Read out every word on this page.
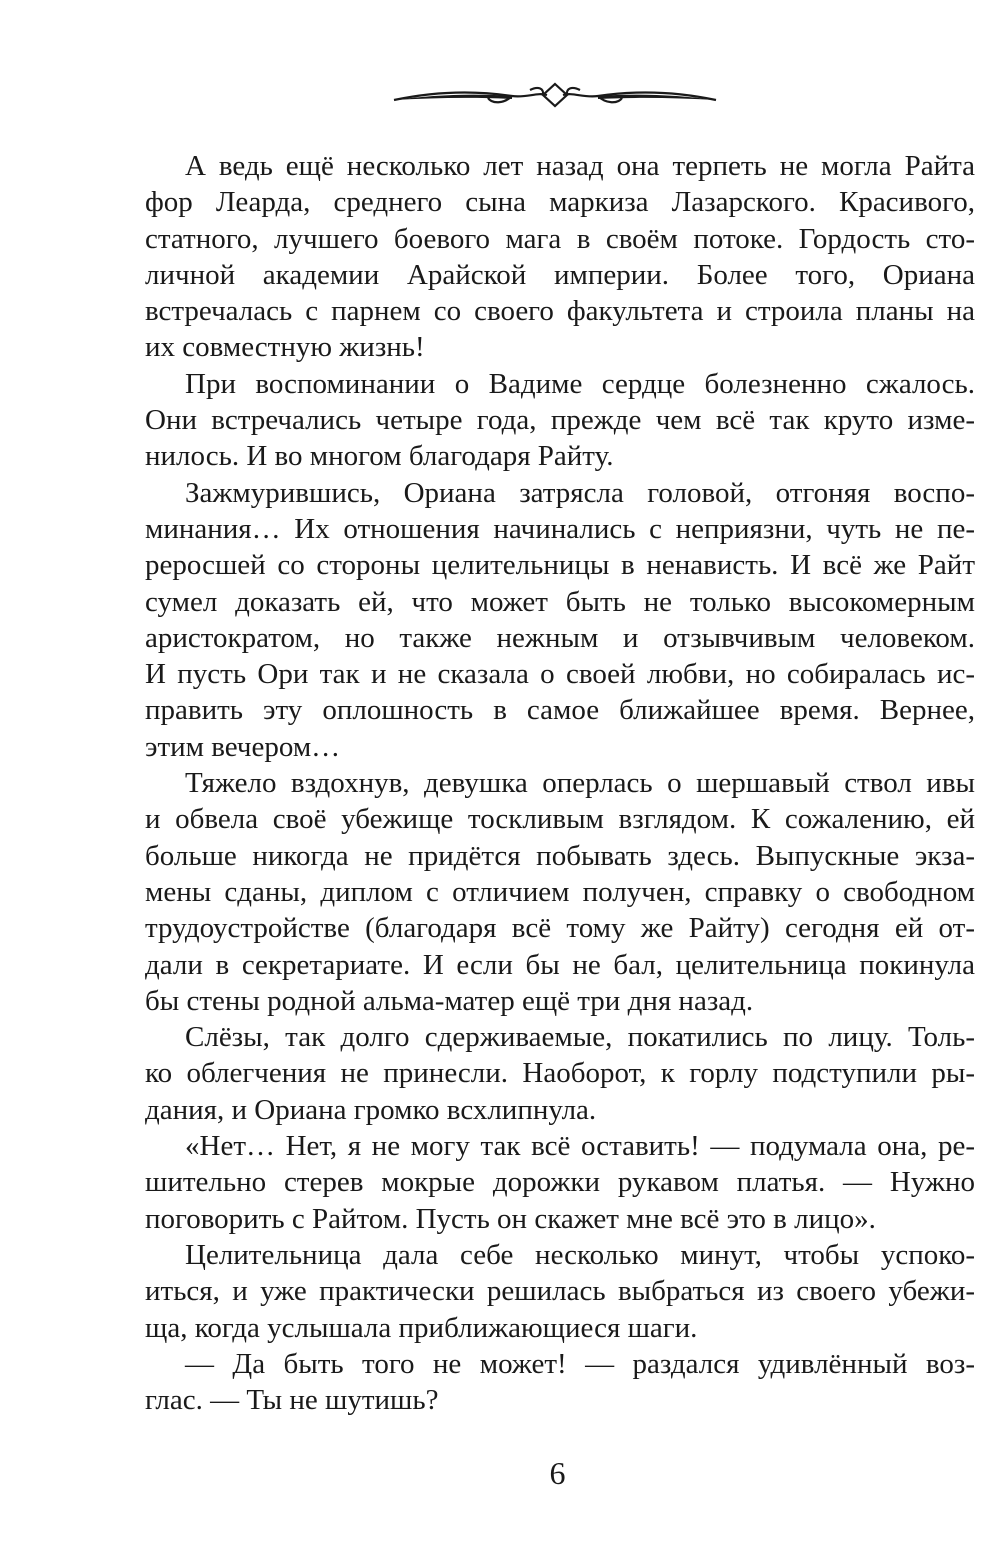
А ведь ещё несколько лет назад она терпеть не могла Райта
фор Леарда, среднего сына маркиза Лазарского. Красивого,
статного, лучшего боевого мага в своём потоке. Гордость сто-
личной академии Арайской империи. Более того, Ориана
встречалась с парнем со своего факультета и строила планы на
их совместную жизнь!
При воспоминании о Вадиме сердце болезненно сжалось.
Они встречались четыре года, прежде чем всё так круто изме-
нилось. И во многом благодаря Райту.
Зажмурившись, Ориана затрясла головой, отгоняя воспо-
минания… Их отношения начинались с неприязни, чуть не пе-
реросшей со стороны целительницы в ненависть. И всё же Райт
сумел доказать ей, что может быть не только высокомерным
аристократом, но также нежным и отзывчивым человеком.
И пусть Ори так и не сказала о своей любви, но собиралась ис-
править эту оплошность в самое ближайшее время. Вернее,
этим вечером…
Тяжело вздохнув, девушка оперлась о шершавый ствол ивы
и обвела своё убежище тоскливым взглядом. К сожалению, ей
больше никогда не придётся побывать здесь. Выпускные экза-
мены сданы, диплом с отличием получен, справку о свободном
трудоустройстве (благодаря всё тому же Райту) сегодня ей от-
дали в секретариате. И если бы не бал, целительница покинула
бы стены родной альма-матер ещё три дня назад.
Слёзы, так долго сдерживаемые, покатились по лицу. Толь-
ко облегчения не принесли. Наоборот, к горлу подступили ры-
дания, и Ориана громко всхлипнула.
«Нет… Нет, я не могу так всё оставить! — подумала она, ре-
шительно стерев мокрые дорожки рукавом платья. — Нужно
поговорить с Райтом. Пусть он скажет мне всё это в лицо».
Целительница дала себе несколько минут, чтобы успоко-
иться, и уже практически решилась выбраться из своего убежи-
ща, когда услышала приближающиеся шаги.
— Да быть того не может! — раздался удивлённый воз-
глас. — Ты не шутишь?
6
